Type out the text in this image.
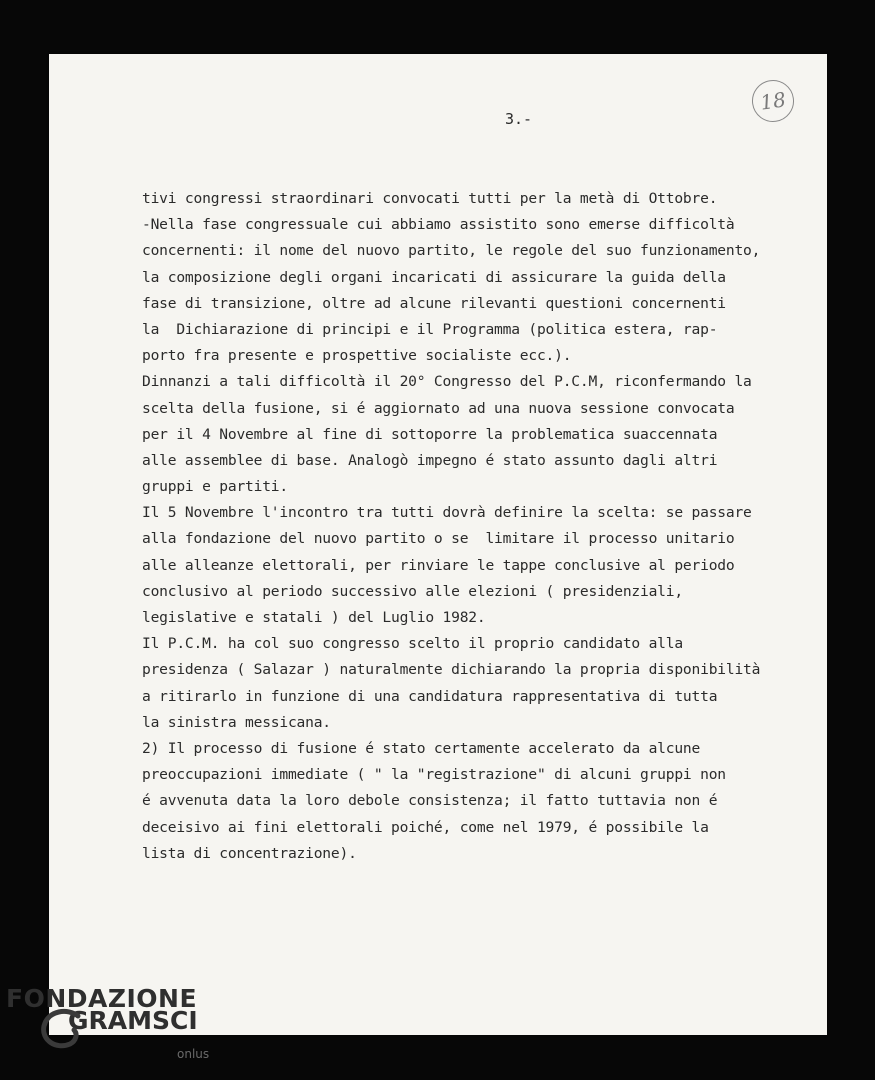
18
3.-
tivi congressi straordinari convocati tutti per la metà di Ottobre.
-Nella fase congressuale cui abbiamo assistito sono emerse difficoltà
concernenti: il nome del nuovo partito, le regole del suo funzionamento,
la composizione degli organi incaricati di assicurare la guida della
fase di transizione, oltre ad alcune rilevanti questioni concernenti
la  Dichiarazione di principi e il Programma (politica estera, rap-
porto fra presente e prospettive socialiste ecc.).
Dinnanzi a tali difficoltà il 20° Congresso del P.C.M, riconfermando la
scelta della fusione, si é aggiornato ad una nuova sessione convocata
per il 4 Novembre al fine di sottoporre la problematica suaccennata
alle assemblee di base. Analogò impegno é stato assunto dagli altri
gruppi e partiti.
Il 5 Novembre l'incontro tra tutti dovrà definire la scelta: se passare
alla fondazione del nuovo partito o se  limitare il processo unitario
alle alleanze elettorali, per rinviare le tappe conclusive al periodo
conclusivo al periodo successivo alle elezioni ( presidenziali,
legislative e statali ) del Luglio 1982.
Il P.C.M. ha col suo congresso scelto il proprio candidato alla
presidenza ( Salazar ) naturalmente dichiarando la propria disponibilità
a ritirarlo in funzione di una candidatura rappresentativa di tutta
la sinistra messicana.
2) Il processo di fusione é stato certamente accelerato da alcune
preoccupazioni immediate ( " la "registrazione" di alcuni gruppi non
é avvenuta data la loro debole consistenza; il fatto tuttavia non é
deceisivo ai fini elettorali poiché, come nel 1979, é possibile la
lista di concentrazione).
FONDAZIONE
GRAMSCI
onlus
